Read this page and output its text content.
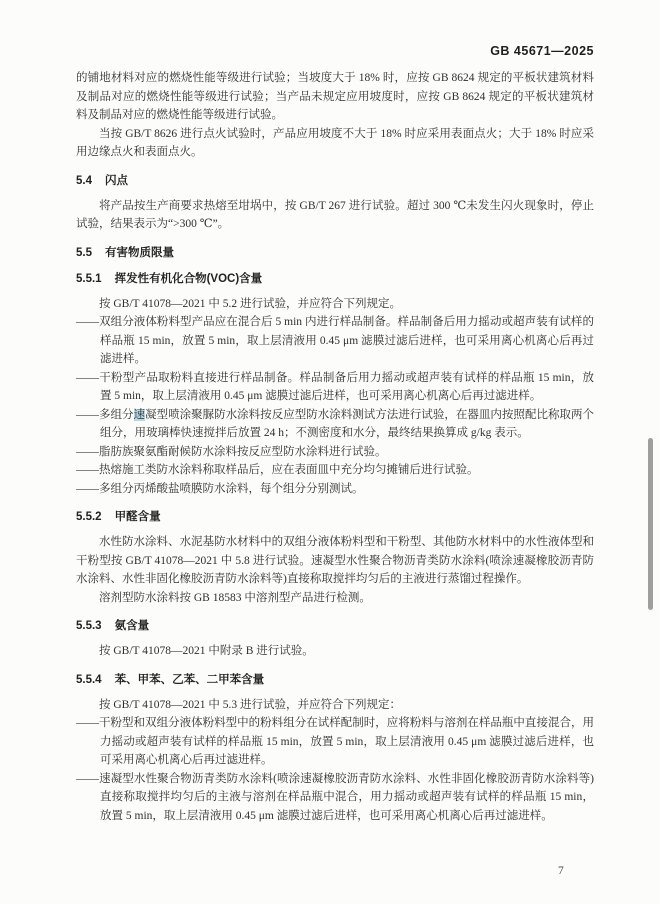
GB 45671—2025

的铺地材料对应的燃烧性能等级进行试验；当坡度大于 18% 时，应按 GB 8624 规定的平板状建筑材料及制品对应的燃烧性能等级进行试验；当产品未规定应用坡度时，应按 GB 8624 规定的平板状建筑材料及制品对应的燃烧性能等级进行试验。

当按 GB/T 8626 进行点火试验时，产品应用坡度不大于 18% 时应采用表面点火；大于 18% 时应采用边缘点火和表面点火。

5.4 闪点

将产品按生产商要求热熔至坩埚中，按 GB/T 267 进行试验。超过 300 ℃未发生闪火现象时，停止试验，结果表示为“>300 ℃”。

5.5 有害物质限量
5.5.1 挥发性有机化合物(VOC)含量

按 GB/T 41078—2021 中 5.2 进行试验，并应符合下列规定。

——双组分液体粉料型产品应在混合后 5 min 内进行样品制备。样品制备后用力摇动或超声装有试样的样品瓶 15 min，放置 5 min，取上层清液用 0.45 μm 滤膜过滤后进样，也可采用离心机离心后再过滤进样。

——干粉型产品取粉料直接进行样品制备。样品制备后用力摇动或超声装有试样的样品瓶 15 min，放置 5 min，取上层清液用 0.45 μm 滤膜过滤后进样，也可采用离心机离心后再过滤进样。

——多组分速凝型喷涂聚脲防水涂料按反应型防水涂料测试方法进行试验，在器皿内按照配比称取两个组分，用玻璃棒快速搅拌后放置 24 h；不测密度和水分，最终结果换算成 g/kg 表示。

——脂肪族聚氨酯耐候防水涂料按反应型防水涂料进行试验。

——热熔施工类防水涂料称取样品后，应在表面皿中充分均匀摊铺后进行试验。

——多组分丙烯酸盐喷膜防水涂料，每个组分分别测试。

5.5.2 甲醛含量

水性防水涂料、水泥基防水材料中的双组分液体粉料型和干粉型、其他防水材料中的水性液体型和干粉型按 GB/T 41078—2021 中 5.8 进行试验。速凝型水性聚合物沥青类防水涂料(喷涂速凝橡胶沥青防水涂料、水性非固化橡胶沥青防水涂料等)直接称取搅拌均匀后的主液进行蒸馏过程操作。

溶剂型防水涂料按 GB 18583 中溶剂型产品进行检测。

5.5.3 氨含量

按 GB/T 41078—2021 中附录 B 进行试验。

5.5.4 苯、甲苯、乙苯、二甲苯含量

按 GB/T 41078—2021 中 5.3 进行试验，并应符合下列规定：

——干粉型和双组分液体粉料型中的粉料组分在试样配制时，应将粉料与溶剂在样品瓶中直接混合，用力摇动或超声装有试样的样品瓶 15 min，放置 5 min，取上层清液用 0.45 μm 滤膜过滤后进样，也可采用离心机离心后再过滤进样。

——速凝型水性聚合物沥青类防水涂料(喷涂速凝橡胶沥青防水涂料、水性非固化橡胶沥青防水涂料等)直接称取搅拌均匀后的主液与溶剂在样品瓶中混合，用力摇动或超声装有试样的样品瓶 15 min，放置 5 min，取上层清液用 0.45 μm 滤膜过滤后进样，也可采用离心机离心后再过滤进样。

7
